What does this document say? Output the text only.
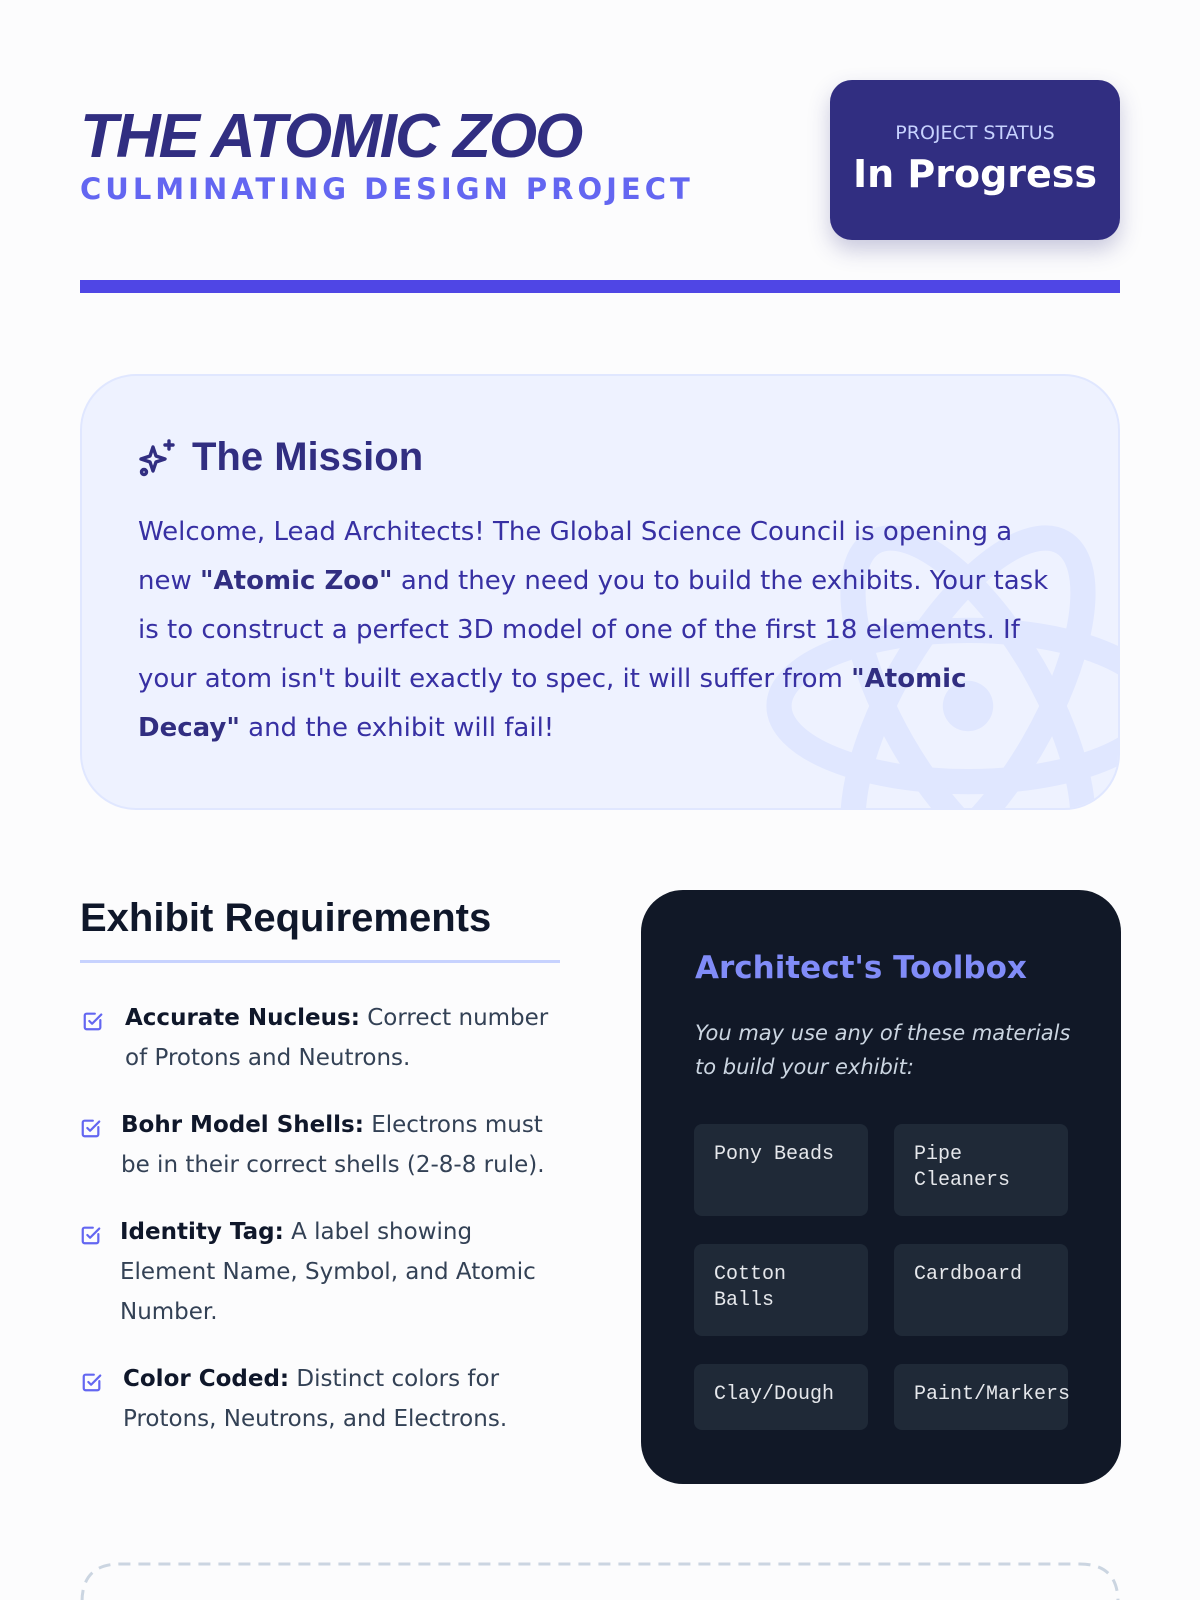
THE ATOMIC ZOO
CULMINATING DESIGN PROJECT
PROJECT STATUS
In Progress
The Mission

Welcome, Lead Architects! The Global Science Council is opening a new "Atomic Zoo" and they need you to build the exhibits. Your task is to construct a perfect 3D model of one of the first 18 elements. If your atom isn't built exactly to spec, it will suffer from "Atomic Decay" and the exhibit will fail!

Exhibit Requirements
Accurate Nucleus: Correct number of Protons and Neutrons.
Bohr Model Shells: Electrons must be in their correct shells (2-8-8 rule).
Identity Tag: A label showing Element Name, Symbol, and Atomic Number.
Color Coded: Distinct colors for Protons, Neutrons, and Electrons.
Architect's Toolbox
You may use any of these materials to build your exhibit:
Pony Beads	Pipe
Cleaners
Cotton
Balls
Cardboard
Clay/Dough	Paint/Markers
